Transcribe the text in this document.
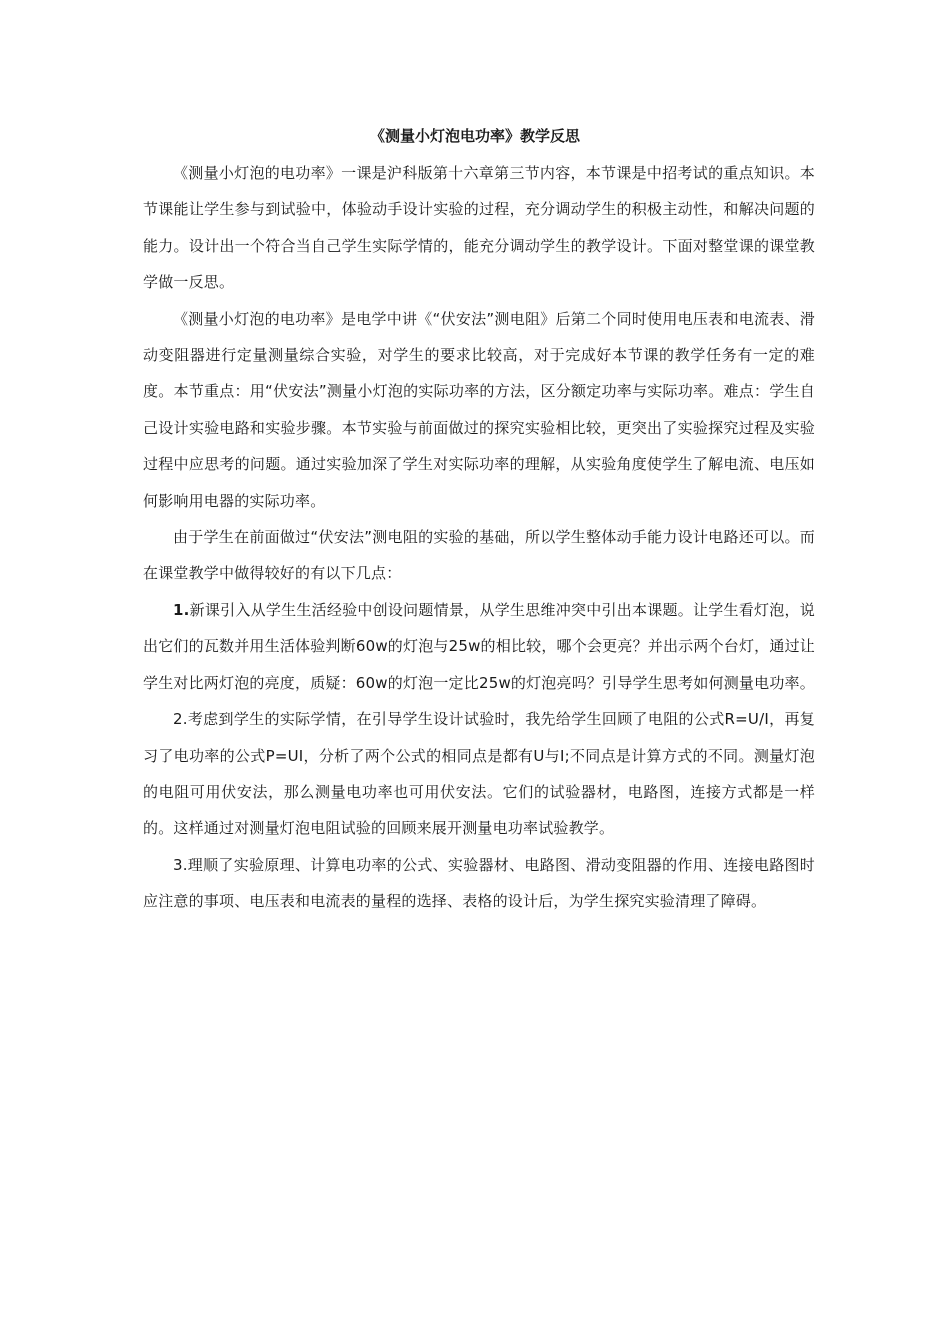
《测量小灯泡电功率》教学反思

《测量小灯泡的电功率》一课是沪科版第十六章第三节内容，本节课是中招考试的重点知识。本节课能让学生参与到试验中，体验动手设计实验的过程，充分调动学生的积极主动性，和解决问题的能力。设计出一个符合当自己学生实际学情的，能充分调动学生的教学设计。下面对整堂课的课堂教学做一反思。

《测量小灯泡的电功率》是电学中讲《“伏安法”测电阻》后第二个同时使用电压表和电流表、滑动变阻器进行定量测量综合实验，对学生的要求比较高，对于完成好本节课的教学任务有一定的难度。本节重点：用“伏安法”测量小灯泡的实际功率的方法，区分额定功率与实际功率。难点：学生自己设计实验电路和实验步骤。本节实验与前面做过的探究实验相比较，更突出了实验探究过程及实验过程中应思考的问题。通过实验加深了学生对实际功率的理解，从实验角度使学生了解电流、电压如何影响用电器的实际功率。

由于学生在前面做过“伏安法”测电阻的实验的基础，所以学生整体动手能力设计电路还可以。而在课堂教学中做得较好的有以下几点：

1.新课引入从学生生活经验中创设问题情景，从学生思维冲突中引出本课题。让学生看灯泡，说出它们的瓦数并用生活体验判断60w的灯泡与25w的相比较，哪个会更亮？并出示两个台灯，通过让学生对比两灯泡的亮度，质疑：60w的灯泡一定比25w的灯泡亮吗？引导学生思考如何测量电功率。

2.考虑到学生的实际学情，在引导学生设计试验时，我先给学生回顾了电阻的公式R=U/I，再复习了电功率的公式P=UI，分析了两个公式的相同点是都有U与I;不同点是计算方式的不同。测量灯泡的电阻可用伏安法，那么测量电功率也可用伏安法。它们的试验器材，电路图，连接方式都是一样的。这样通过对测量灯泡电阻试验的回顾来展开测量电功率试验教学。

3.理顺了实验原理、计算电功率的公式、实验器材、电路图、滑动变阻器的作用、连接电路图时应注意的事项、电压表和电流表的量程的选择、表格的设计后，为学生探究实验清理了障碍。
